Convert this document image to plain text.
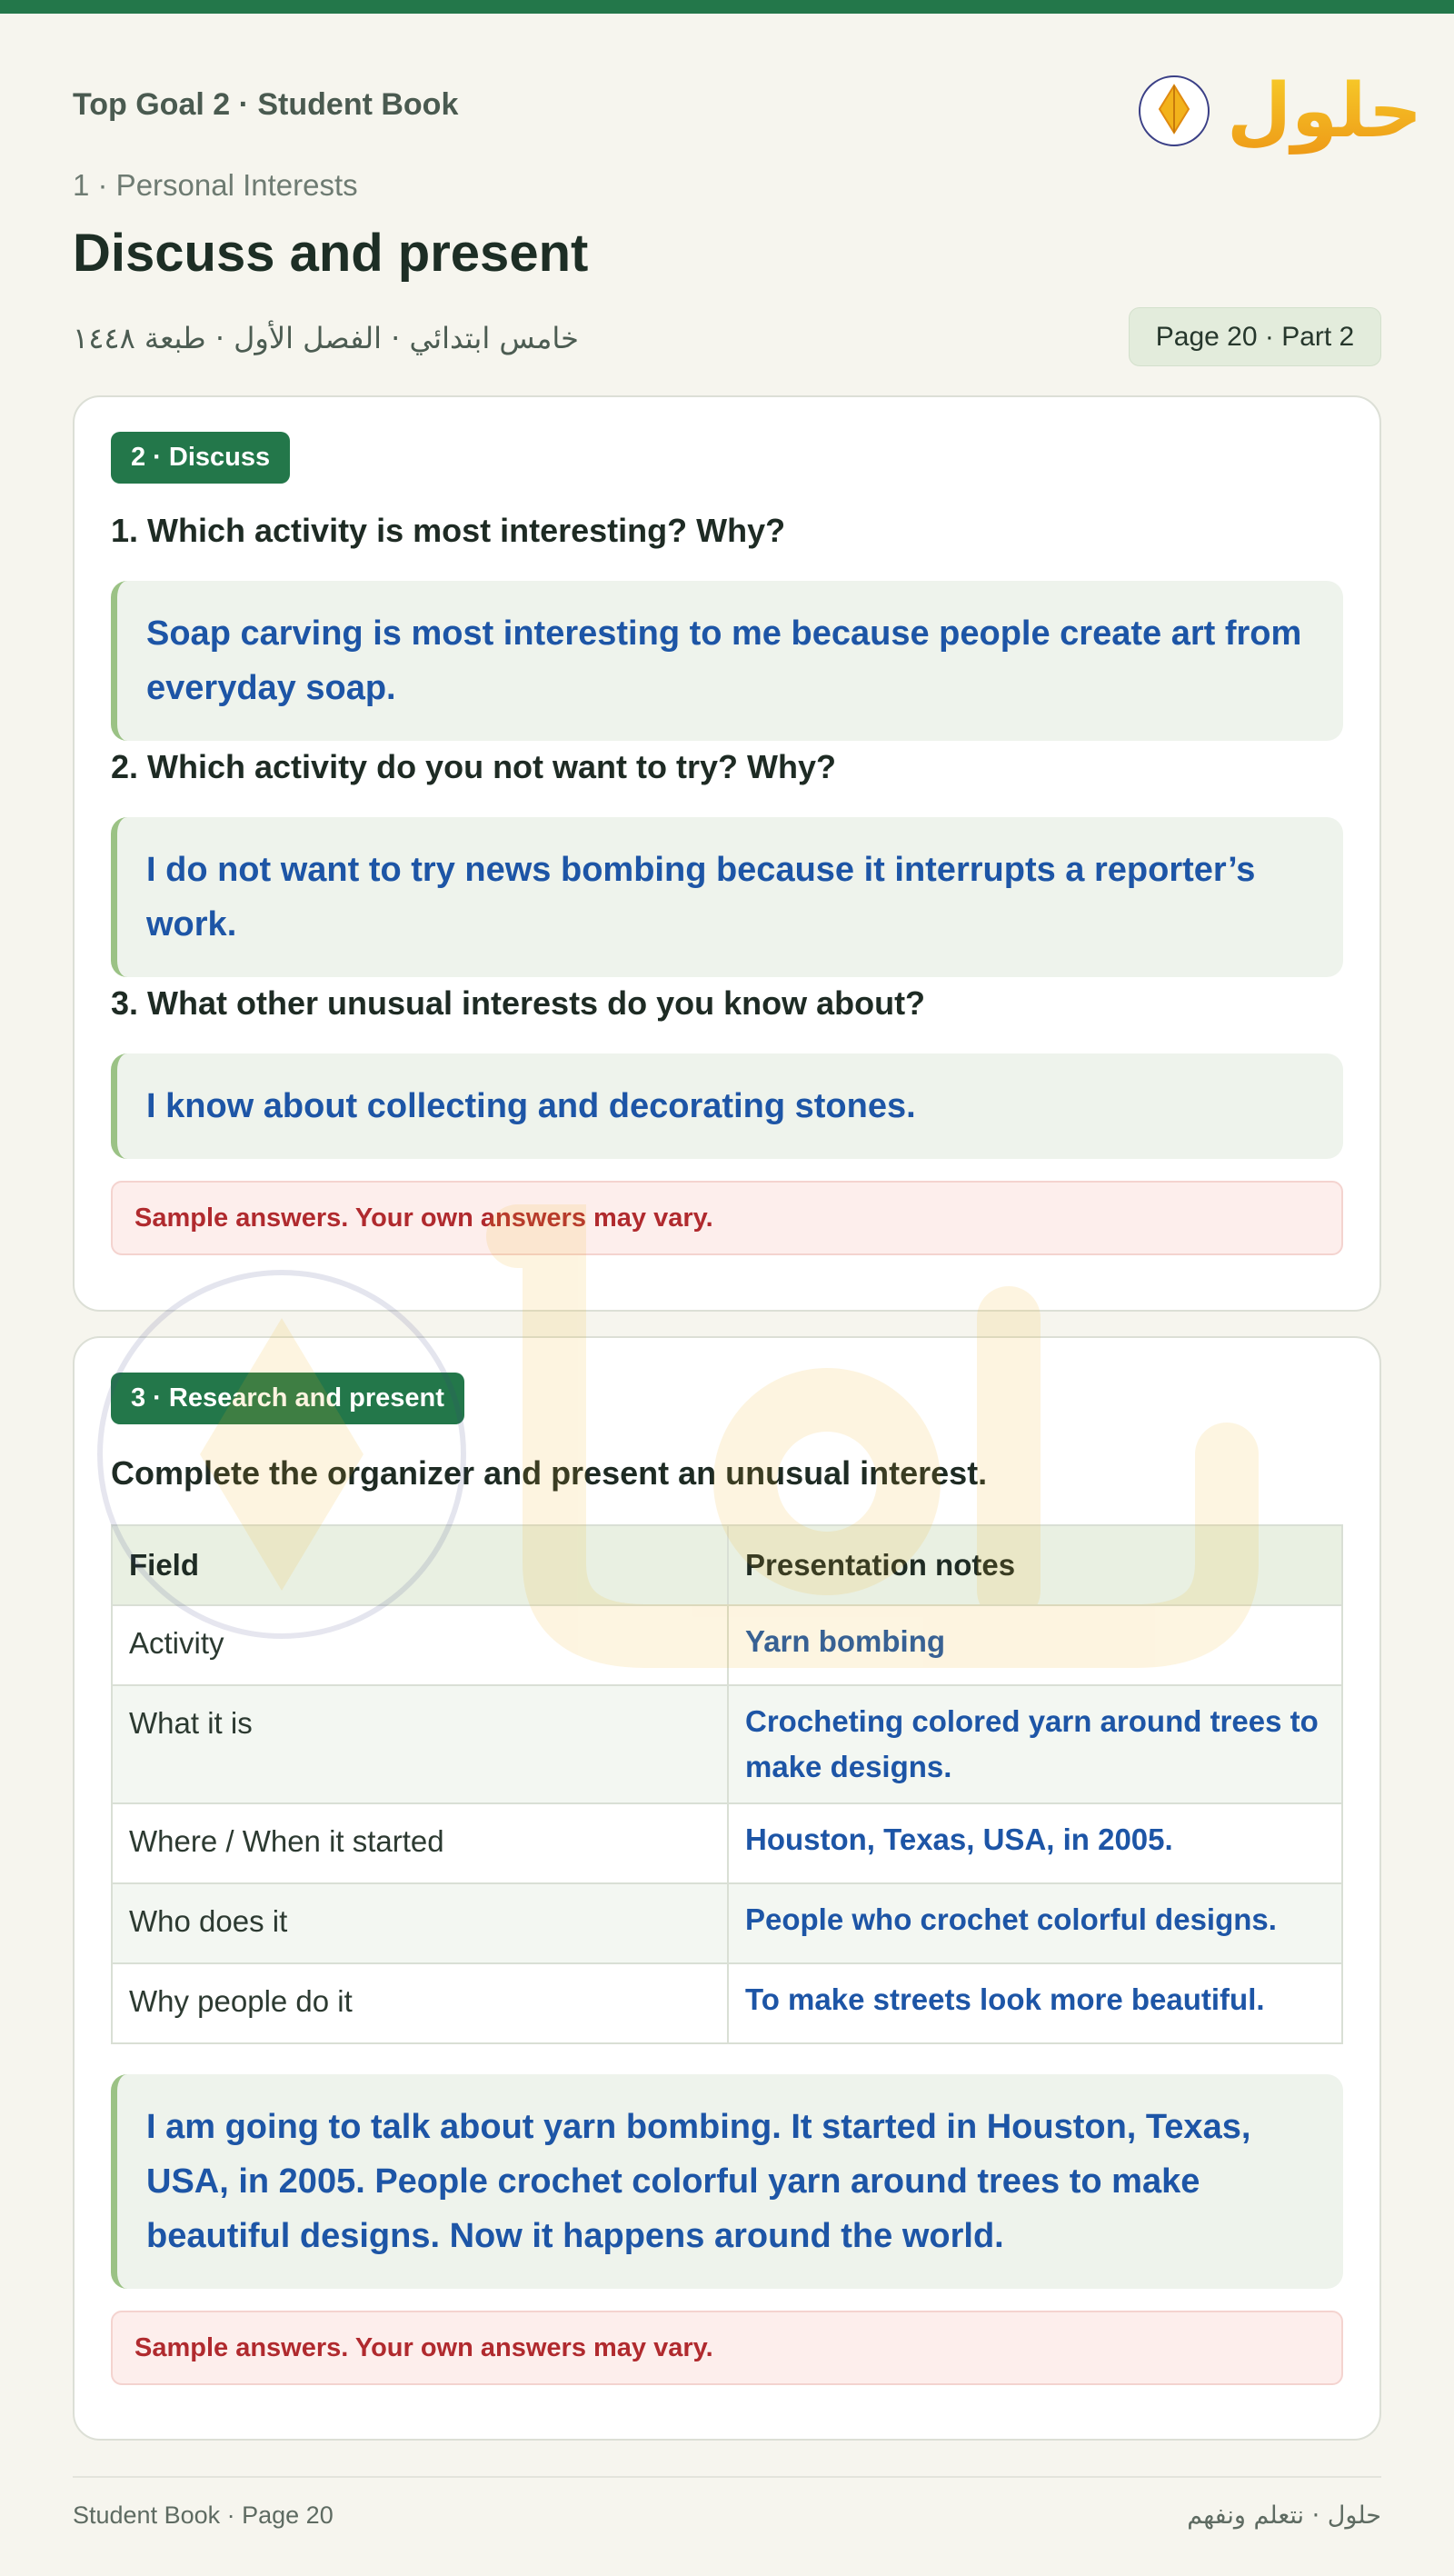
Top Goal 2 · Student Book	حلول
1 · Personal Interests
Discuss and present
خامس ابتدائي · الفصل الأول · طبعة ١٤٤٨	Page 20 · Part 2
2 · Discuss
1. Which activity is most interesting? Why?
Soap carving is most interesting to me because people create art from everyday soap.
2. Which activity do you not want to try? Why?
I do not want to try news bombing because it interrupts a reporter’s work.
3. What other unusual interests do you know about?
I know about collecting and decorating stones.
Sample answers. Your own answers may vary.
3 · Research and present
Complete the organizer and present an unusual interest.
Field	Presentation notes
Activity	Yarn bombing
What it is	Crocheting colored yarn around trees to make designs.
Where / When it started	Houston, Texas, USA, in 2005.
Who does it	People who crochet colorful designs.
Why people do it	To make streets look more beautiful.
I am going to talk about yarn bombing. It started in Houston, Texas, USA, in 2005. People crochet colorful yarn around trees to make beautiful designs. Now it happens around the world.
Sample answers. Your own answers may vary.
Student Book · Page 20	حلول · نتعلم ونفهم
